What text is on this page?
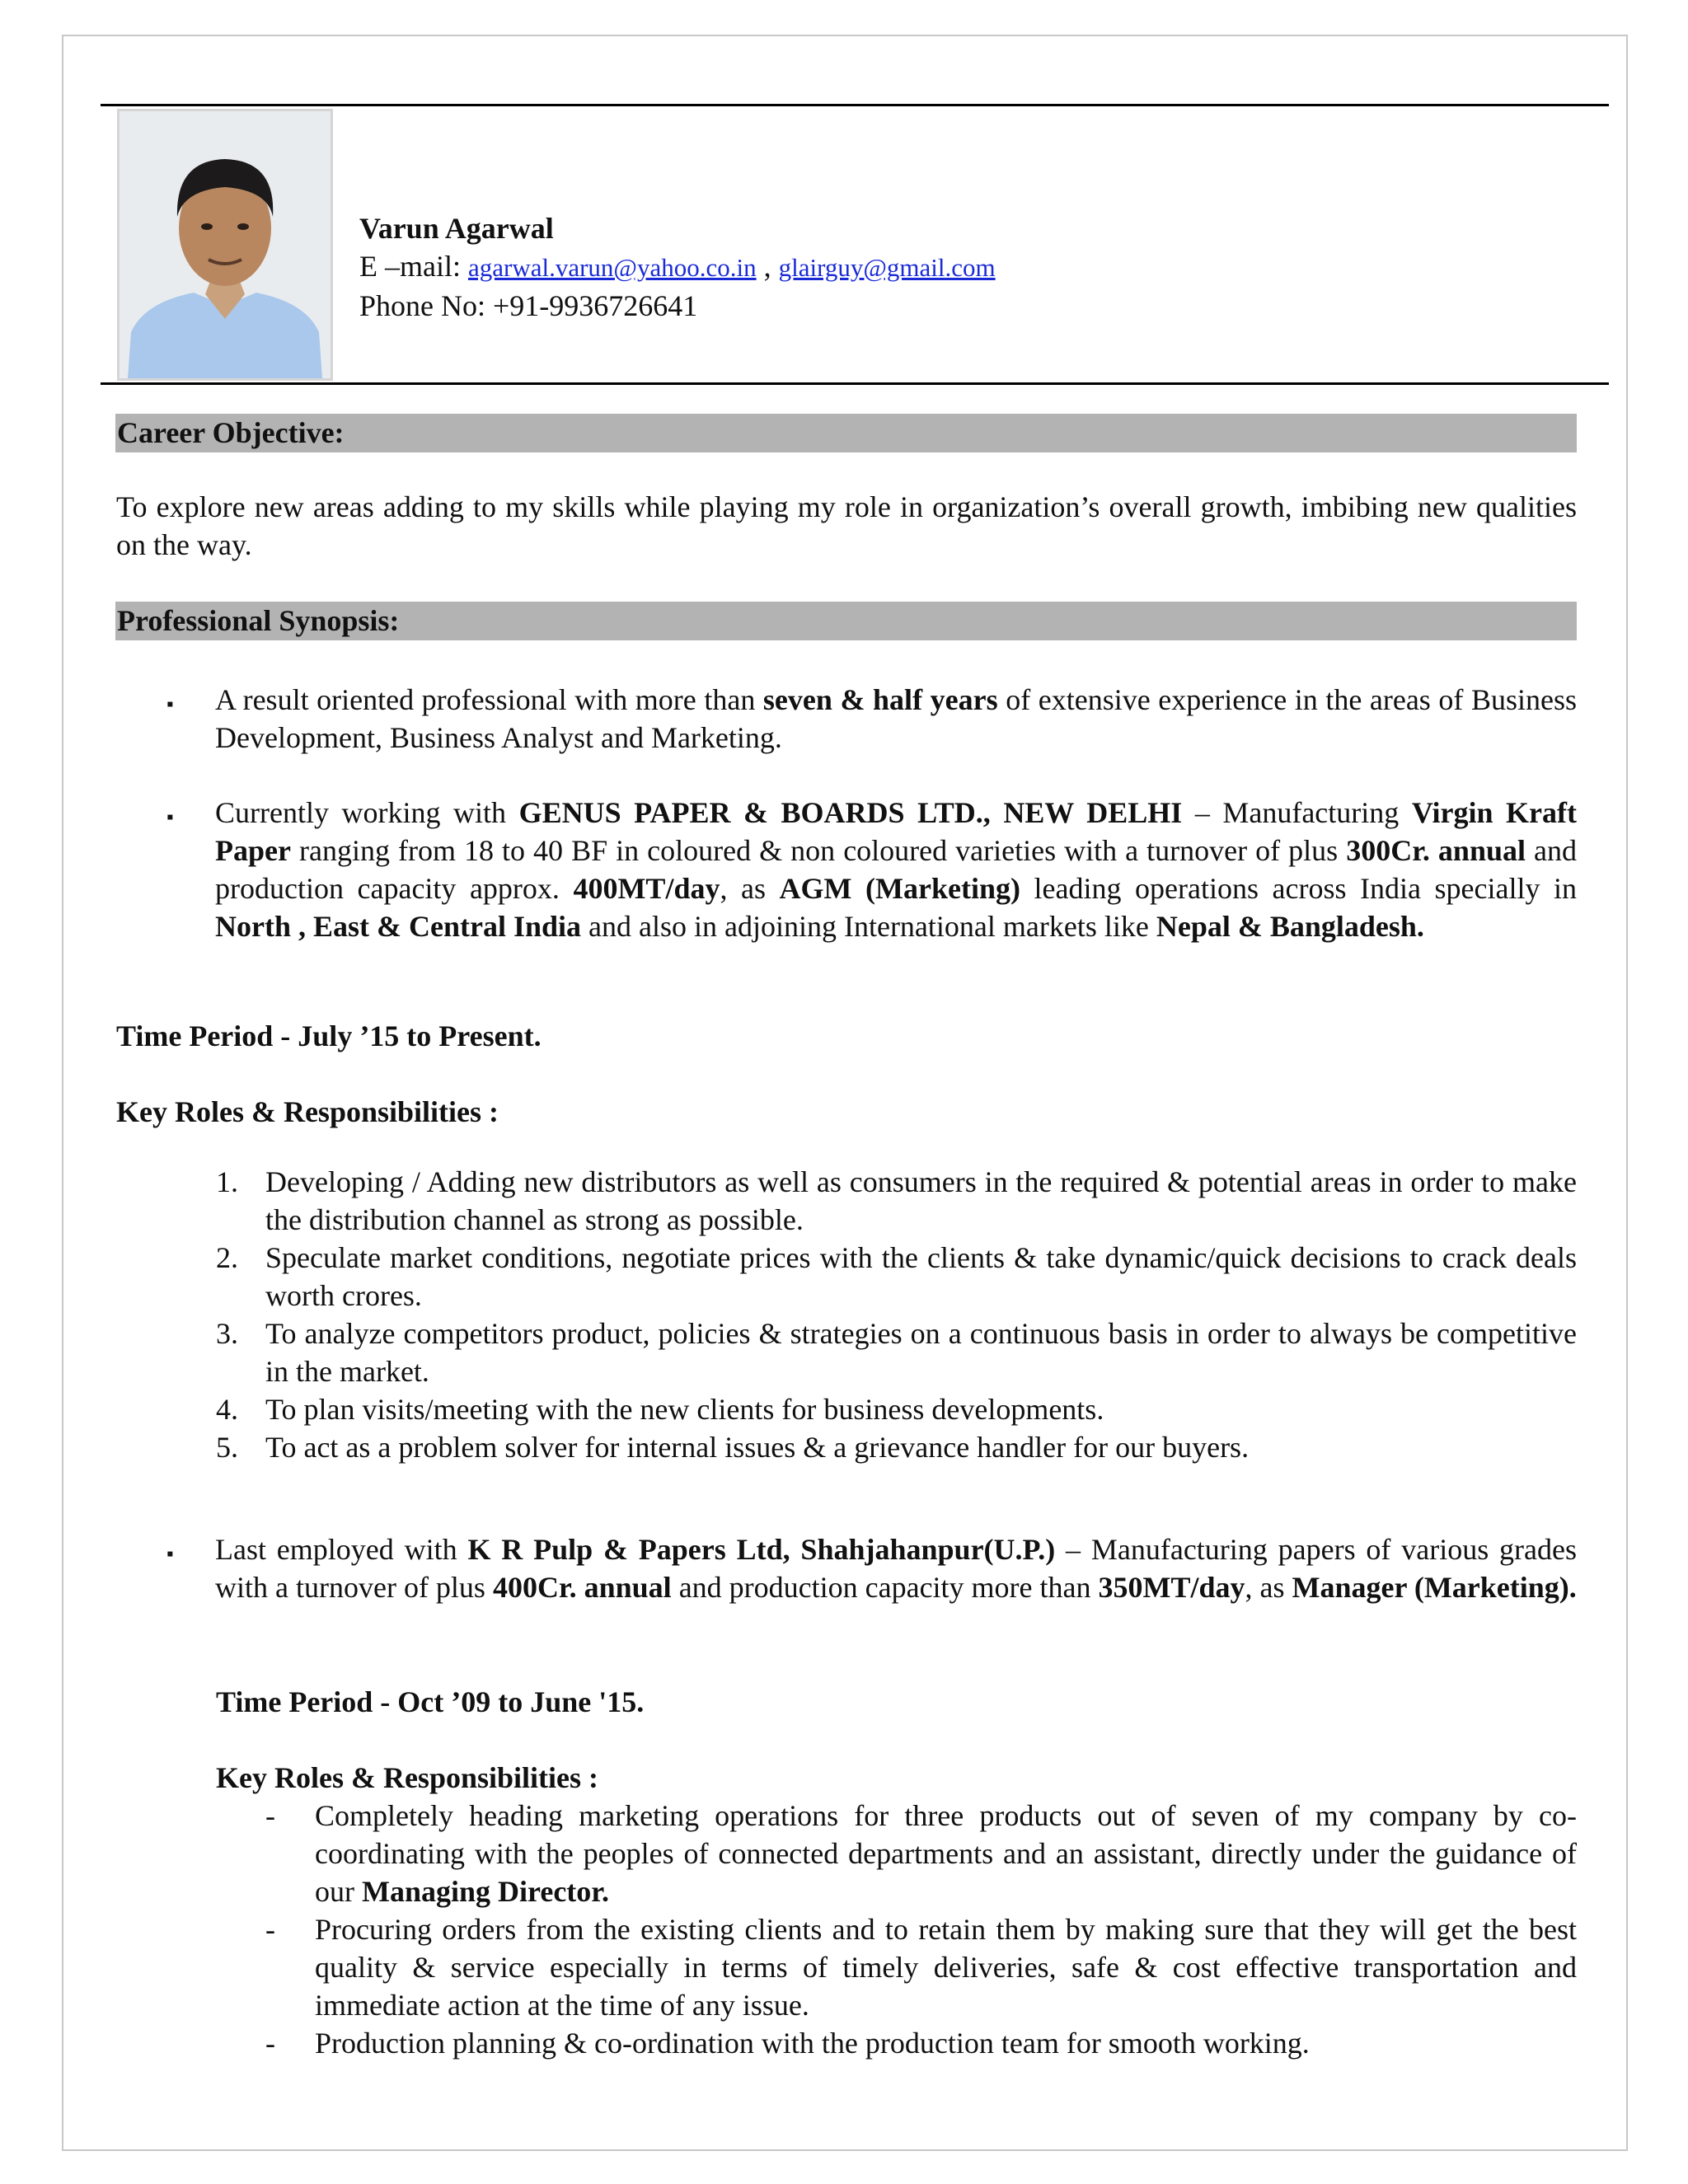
Varun Agarwal
E –mail: agarwal.varun@yahoo.co.in , glairguy@gmail.com
Phone No: +91-9936726641
Career Objective:
To explore new areas adding to my skills while playing my role in organization’s overall growth, imbibing new qualities on the way.
Professional Synopsis:
▪ A result oriented professional with more than seven & half years of extensive experience in the areas of Business Development, Business Analyst and Marketing.
▪ Currently working with GENUS PAPER & BOARDS LTD., NEW DELHI – Manufacturing Virgin Kraft Paper ranging from 18 to 40 BF in coloured & non coloured varieties with a turnover of plus 300Cr. annual and production capacity approx. 400MT/day, as AGM (Marketing) leading operations across India specially in North , East & Central India and also in adjoining International markets like Nepal & Bangladesh.
Time Period - July ’15 to Present.
Key Roles & Responsibilities :
1. Developing / Adding new distributors as well as consumers in the required & potential areas in order to make the distribution channel as strong as possible.
2. Speculate market conditions, negotiate prices with the clients & take dynamic/quick decisions to crack deals worth crores.
3. To analyze competitors product, policies & strategies on a continuous basis in order to always be competitive in the market.
4. To plan visits/meeting with the new clients for business developments.
5. To act as a problem solver for internal issues & a grievance handler for our buyers.
▪ Last employed with K R Pulp & Papers Ltd, Shahjahanpur(U.P.) – Manufacturing papers of various grades with a turnover of plus 400Cr. annual and production capacity more than 350MT/day, as Manager (Marketing).
Time Period - Oct ’09 to June '15.
Key Roles & Responsibilities :
- Completely heading marketing operations for three products out of seven of my company by co-coordinating with the peoples of connected departments and an assistant, directly under the guidance of our Managing Director.
- Procuring orders from the existing clients and to retain them by making sure that they will get the best quality & service especially in terms of timely deliveries, safe & cost effective transportation and immediate action at the time of any issue.
- Production planning & co-ordination with the production team for smooth working.
